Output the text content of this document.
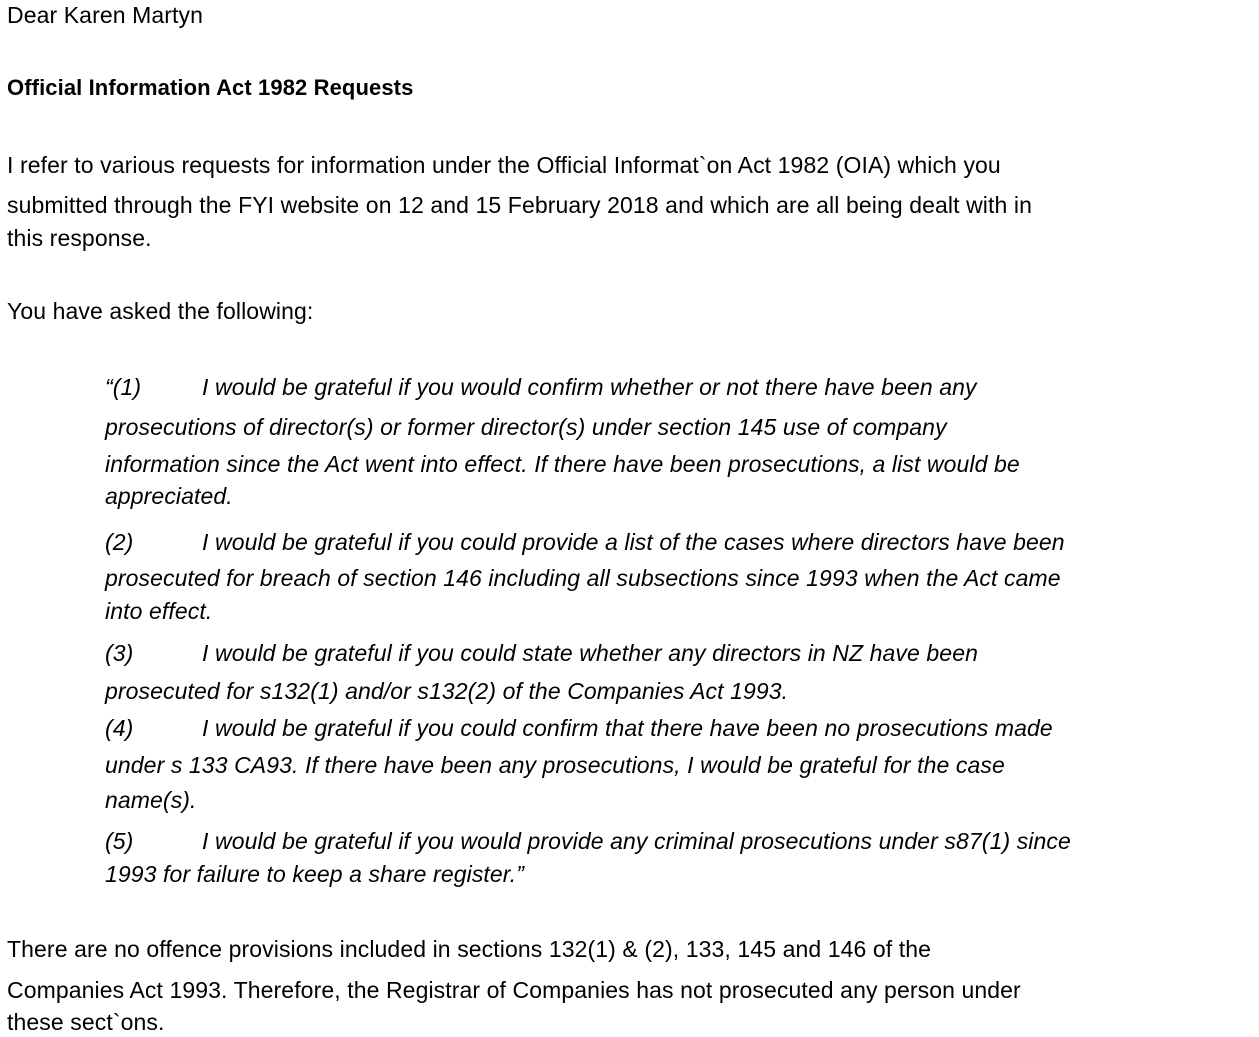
Dear Karen Martyn
Official Information Act 1982 Requests
I refer to various requests for information under the Official Informat`on Act 1982 (OIA) which you
submitted through the FYI website on 12 and 15 February 2018 and which are all being dealt with in
this response.
You have asked the following:
“(1)	I would be grateful if you would confirm whether or not there have been any
prosecutions of director(s) or former director(s) under section 145 use of company
information since the Act went into effect. If there have been prosecutions, a list would be
appreciated.
(2)	I would be grateful if you could provide a list of the cases where directors have been
prosecuted for breach of section 146 including all subsections since 1993 when the Act came
into effect.
(3)	I would be grateful if you could state whether any directors in NZ have been
prosecuted for s132(1) and/or s132(2) of the Companies Act 1993.
(4)	I would be grateful if you could confirm that there have been no prosecutions made
under s 133 CA93. If there have been any prosecutions, I would be grateful for the case
name(s).
(5)	I would be grateful if you would provide any criminal prosecutions under s87(1) since
1993 for failure to keep a share register.”
There are no offence provisions included in sections 132(1) & (2), 133, 145 and 146 of the
Companies Act 1993. Therefore, the Registrar of Companies has not prosecuted any person under
these sect`ons.
